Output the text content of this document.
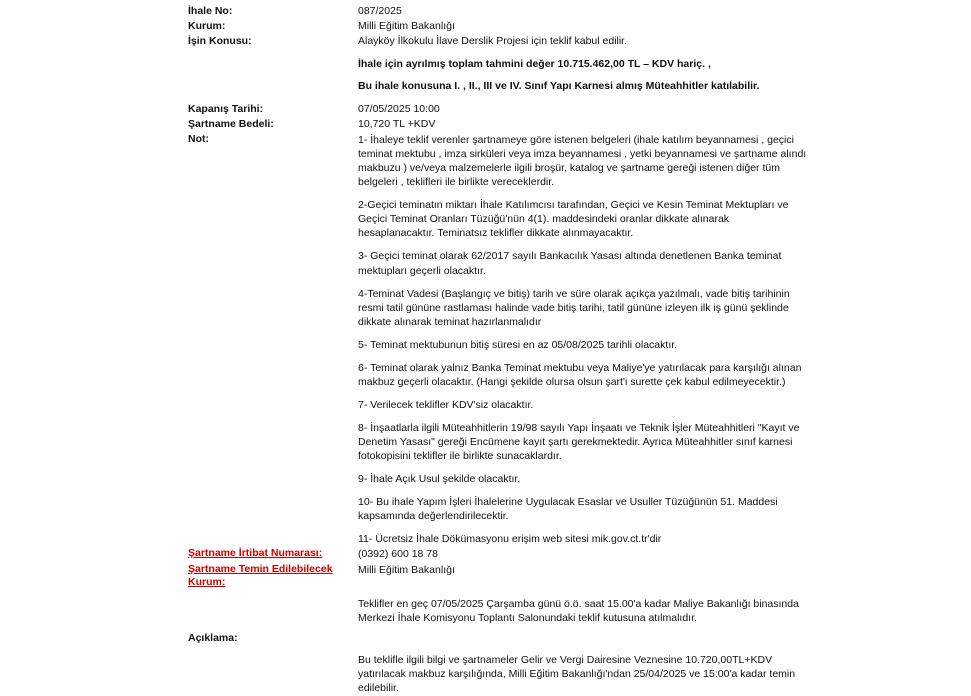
İhale No:	087/2025
Kurum:	Milli Eğitim Bakanlığı
İşin Konusu:	Alayköy İlkokulu İlave Derslik Projesi için teklif kabul edilir.
İhale için ayrılmış toplam tahmini değer 10.715.462,00 TL – KDV hariç. ,
Bu ihale konusuna I. , II., III ve IV. Sınıf Yapı Karnesi almış Müteahhitler katılabilir.
Kapanış Tarihi:	07/05/2025 10:00
Şartname Bedeli:	10,720 TL +KDV
Not:	1- İhaleye teklif verenler şartnameye göre istenen belgeleri (ihale katılım beyannamesi , geçici teminat mektubu , imza sirküleri veya imza beyannamesi , yetki beyannamesi ve şartname alındı makbuzu ) ve/veya malzemelerle ilgili broşür, katalog ve şartname gereği istenen diğer tüm belgeleri , teklifleri ile birlikte vereceklerdir.
2-Geçici teminatın miktarı İhale Katılımcısı tarafından, Geçici ve Kesin Teminat Mektupları ve Geçici Teminat Oranları Tüzüğü'nün 4(1). maddesindeki oranlar dikkate alınarak hesaplanacaktır. Teminatsız teklifler dikkate alınmayacaktır.
3- Geçici teminat olarak 62/2017 sayılı Bankacılık Yasası altında denetlenen Banka teminat mektupları geçerli olacaktır.
4-Teminat Vadesi (Başlangıç ve bitiş) tarih ve süre olarak açıkça yazılmalı, vade bitiş tarihinin resmi tatil gününe rastlaması halinde vade bitiş tarihi, tatil gününe izleyen ilk iş günü şeklinde dikkate alınarak teminat hazırlanmalıdır
5- Teminat mektubunun bitiş süresi en az 05/08/2025 tarihli olacaktır.
6- Teminat olarak yalnız Banka Teminat mektubu veya Maliye'ye yatırılacak para karşılığı alınan makbuz geçerli olacaktır. (Hangi şekilde olursa olsun şart'i surette çek kabul edilmeyecektir.)
7- Verilecek teklifler KDV'siz olacaktır.
8- İnşaatlarla ilgili Müteahhitlerin 19/98 sayılı Yapı İnşaatı ve Teknik İşler Müteahhitleri "Kayıt ve Denetim Yasası" gereği Encümene kayıt şartı gerekmektedir. Ayrıca Müteahhitler sınıf karnesi fotokopisini teklifler ile birlikte sunacaklardır.
9- İhale Açık Usul şekilde olacaktır.
10- Bu ihale Yapım İşleri İhalelerine Uygulacak Esaslar ve Usuller Tüzüğünün 51. Maddesi kapsamında değerlendirilecektir.
11- Ücretsiz İhale Dökümasyonu erişim web sitesi mik.gov.ct.tr'dir
Şartname İrtibat Numarası:	(0392) 600 18 78
Şartname Temin Edilebilecek Kurum:
Milli Eğitim Bakanlığı
Teklifler en geç 07/05/2025 Çarşamba günü ö.ö. saat 15.00'a kadar Maliye Bakanlığı binasında Merkezi İhale Komisyonu Toplantı Salonundaki teklif kutusuna atılmalıdır.
Açıklama:
Bu teklifle ilgili bilgi ve şartnameler Gelir ve Vergi Dairesine Veznesine 10.720,00TL+KDV yatırılacak makbuz karşılığında, Milli Eğitim Bakanlığı'ndan 25/04/2025 ve 15:00'a kadar temin edilebilir.
